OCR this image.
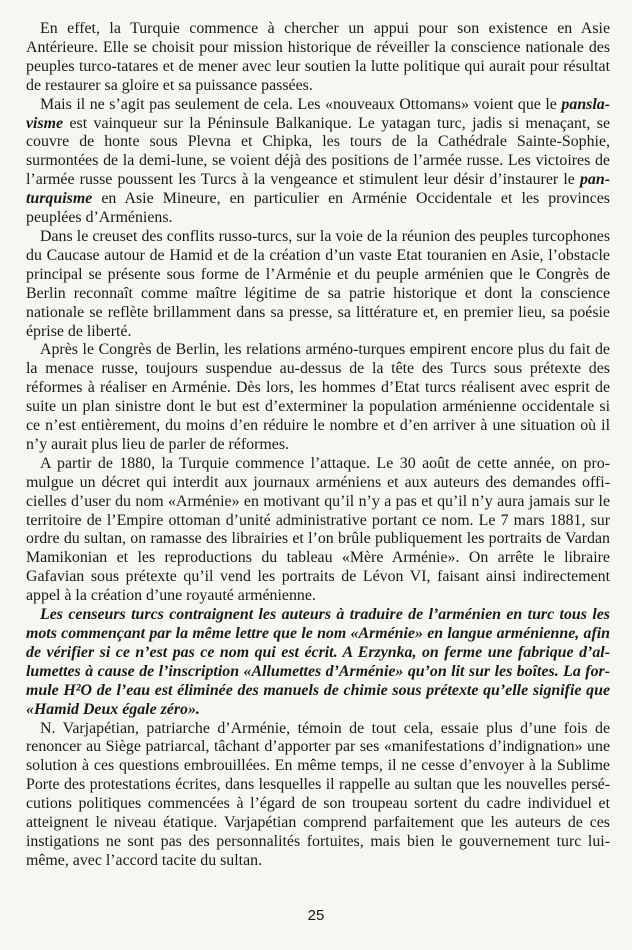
En effet, la Turquie commence à chercher un appui pour son existence en Asie Antérieure. Elle se choisit pour mission historique de réveiller la conscience nationale des peuples turco-tatares et de mener avec leur soutien la lutte politique qui aurait pour résultat de restaurer sa gloire et sa puissance passées.

Mais il ne s’agit pas seulement de cela. Les «nouveaux Ottomans» voient que le panslavisme est vainqueur sur la Péninsule Balkanique. Le yatagan turc, jadis si menaçant, se couvre de honte sous Plevna et Chipka, les tours de la Cathédrale Sainte-Sophie, surmontées de la demi-lune, se voient déjà des positions de l’armée russe. Les victoires de l’armée russe poussent les Turcs à la vengeance et stimulent leur désir d’instaurer le pan-turquisme en Asie Mineure, en particulier en Arménie Occidentale et les provinces peuplées d’Arméniens.

Dans le creuset des conflits russo-turcs, sur la voie de la réunion des peuples turcophones du Caucase autour de Hamid et de la création d’un vaste Etat touranien en Asie, l’obstacle principal se présente sous forme de l’Arménie et du peuple arménien que le Congrès de Berlin reconnaît comme maître légitime de sa patrie historique et dont la conscience nationale se reflète brillamment dans sa presse, sa littérature et, en premier lieu, sa poésie éprise de liberté.

Après le Congrès de Berlin, les relations arméno-turques empirent encore plus du fait de la menace russe, toujours suspendue au-dessus de la tête des Turcs sous prétexte des réformes à réaliser en Arménie. Dès lors, les hommes d’Etat turcs réalisent avec esprit de suite un plan sinistre dont le but est d’exterminer la population arménienne occidentale si ce n’est entièrement, du moins d’en réduire le nombre et d’en arriver à une situation où il n’y aurait plus lieu de parler de réformes.

A partir de 1880, la Turquie commence l’attaque. Le 30 août de cette année, on promulgue un décret qui interdit aux journaux arméniens et aux auteurs des demandes officielles d’user du nom «Arménie» en motivant qu’il n’y a pas et qu’il n’y aura jamais sur le territoire de l’Empire ottoman d’unité administrative portant ce nom. Le 7 mars 1881, sur ordre du sultan, on ramasse des librairies et l’on brûle publiquement les portraits de Vardan Mamikonian et les reproductions du tableau «Mère Arménie». On arrête le libraire Gafavian sous prétexte qu’il vend les portraits de Lévon VI, faisant ainsi indirectement appel à la création d’une royauté arménienne.

Les censeurs turcs contraignent les auteurs à traduire de l’arménien en turc tous les mots commençant par la même lettre que le nom «Arménie» en langue arménienne, afin de vérifier si ce n’est pas ce nom qui est écrit. A Erzynka, on ferme une fabrique d’allumettes à cause de l’inscription «Allumettes d’Arménie» qu’on lit sur les boîtes. La formule H²O de l’eau est éliminée des manuels de chimie sous prétexte qu’elle signifie que «Hamid Deux égale zéro».

N. Varjapétian, patriarche d’Arménie, témoin de tout cela, essaie plus d’une fois de renoncer au Siège patriarcal, tâchant d’apporter par ses «manifestations d’indignation» une solution à ces questions embrouillées. En même temps, il ne cesse d’envoyer à la Sublime Porte des protestations écrites, dans lesquelles il rappelle au sultan que les nouvelles persécutions politiques commencées à l’égard de son troupeau sortent du cadre individuel et atteignent le niveau étatique. Varjapétian comprend parfaitement que les auteurs de ces instigations ne sont pas des personnalités fortuites, mais bien le gouvernement turc lui-même, avec l’accord tacite du sultan.

25
